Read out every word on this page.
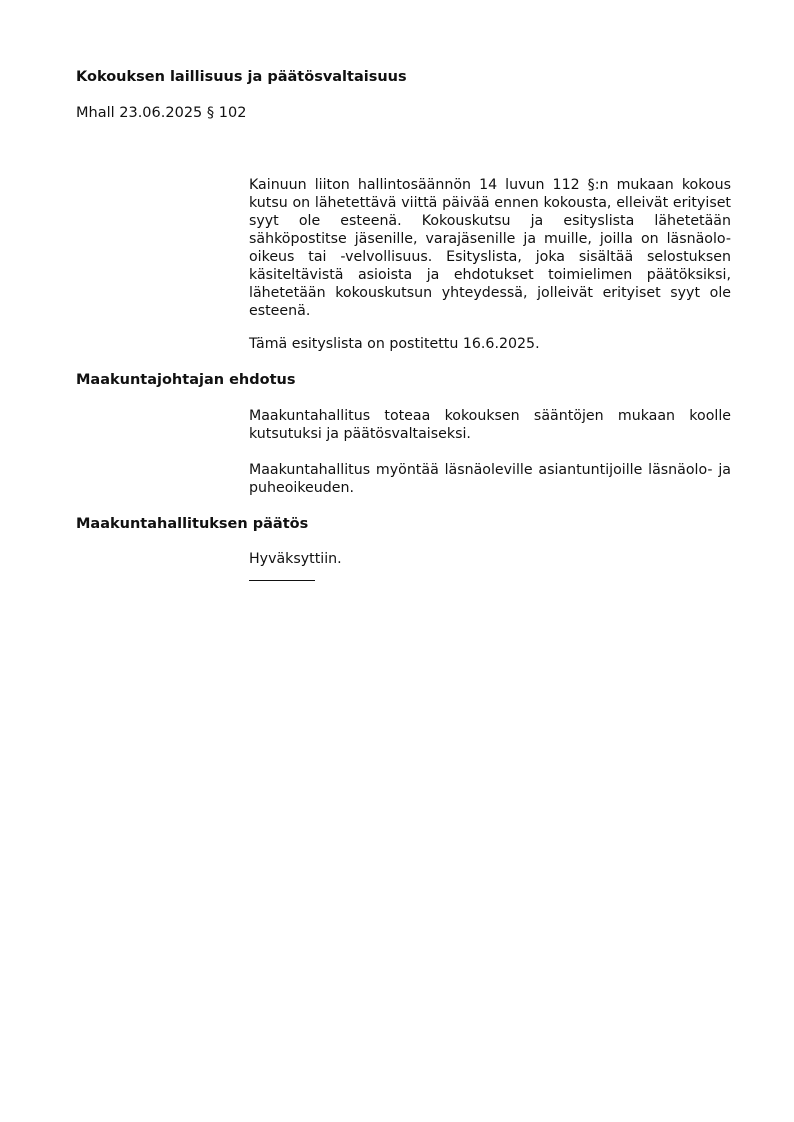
Kokouksen laillisuus ja päätösvaltaisuus
Mhall 23.06.2025 § 102

Kainuun liiton hallintosäännön 14 luvun 112 §:n mukaan kokous kutsu on lähetettävä viittä päivää ennen kokousta, elleivät erityiset syyt ole esteenä. Kokouskutsu ja esityslista lähetetään sähköpostitse jäsenille, varajäsenille ja muille, joilla on läsnäolo- oikeus tai -velvollisuus. Esityslista, joka sisältää selostuksen käsiteltävistä asioista ja ehdotukset toimielimen päätöksiksi, lähetetään kokouskutsun yhteydessä, jolleivät erityiset syyt ole esteenä.

Tämä esityslista on postitettu 16.6.2025.

Maakuntajohtajan ehdotus

Maakuntahallitus toteaa kokouksen sääntöjen mukaan koolle kutsutuksi ja päätösvaltaiseksi.

Maakuntahallitus myöntää läsnäoleville asiantuntijoille läsnäolo- ja puheoikeuden.

Maakuntahallituksen päätös

Hyväksyttiin.
